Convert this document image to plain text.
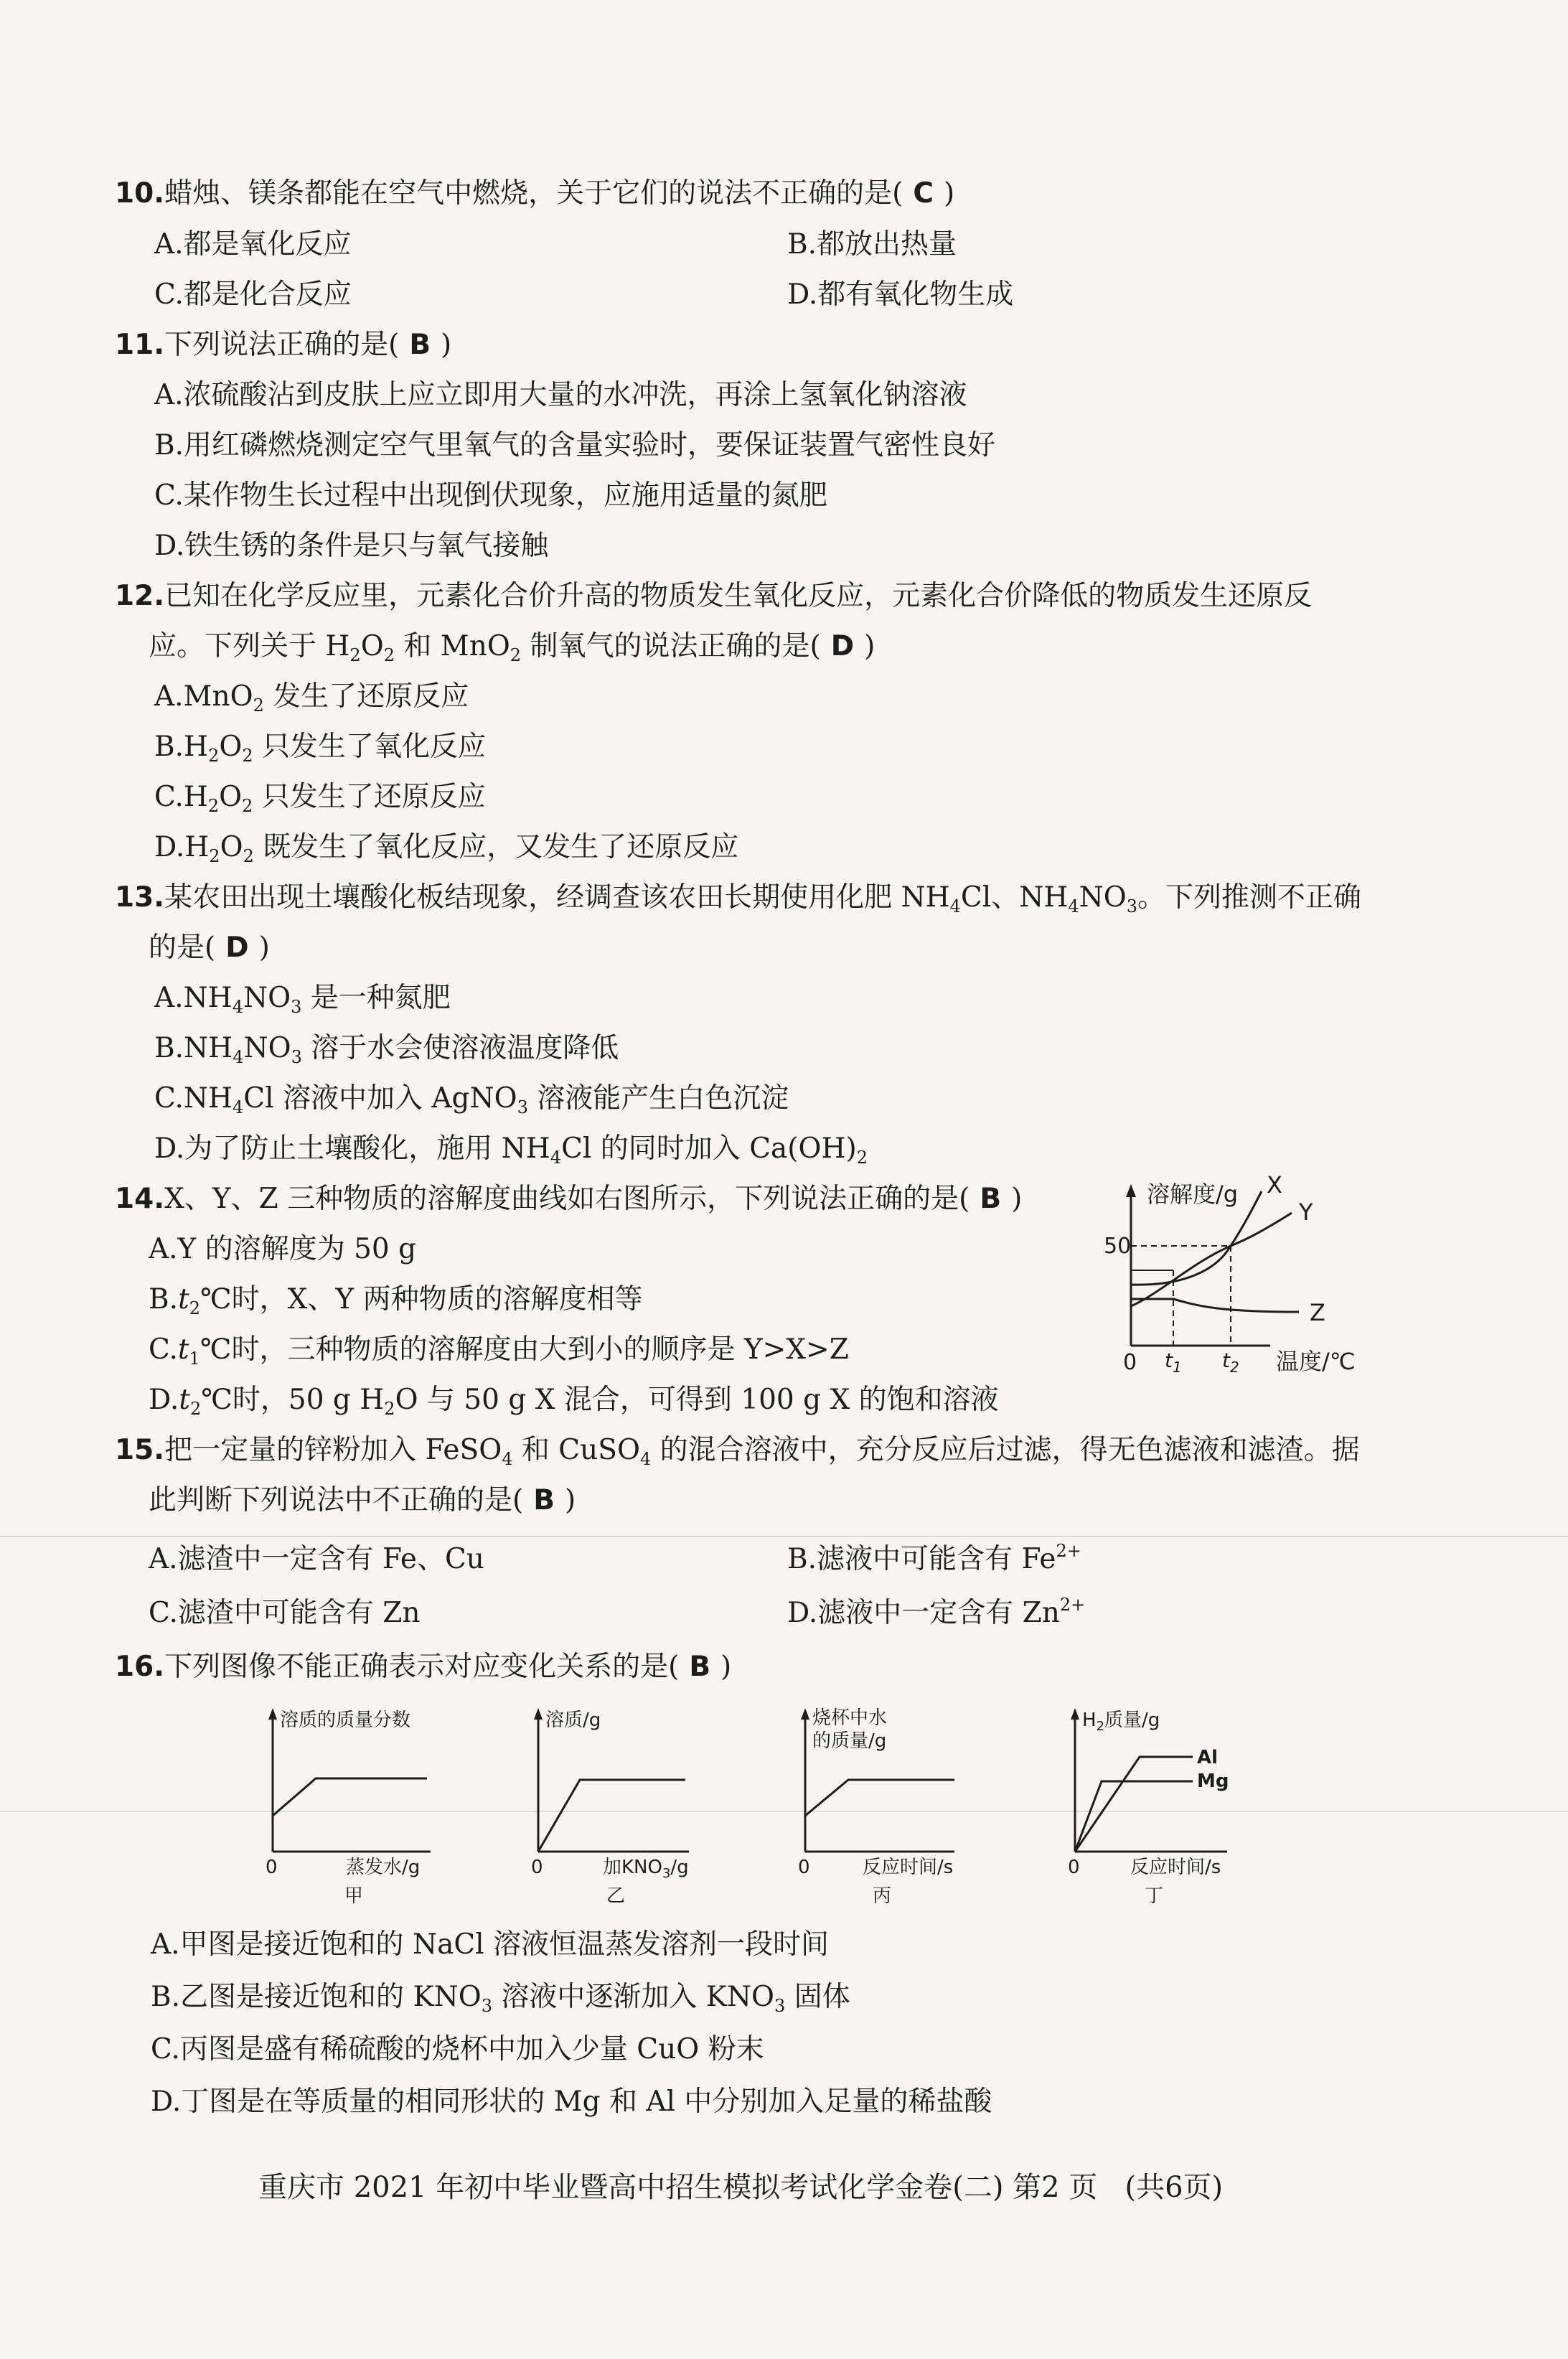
10.蜡烛、镁条都能在空气中燃烧，关于它们的说法不正确的是( C )
A.都是氧化反应	B.都放出热量
C.都是化合反应	D.都有氧化物生成
11.下列说法正确的是( B )
A.浓硫酸沾到皮肤上应立即用大量的水冲洗，再涂上氢氧化钠溶液
B.用红磷燃烧测定空气里氧气的含量实验时，要保证装置气密性良好
C.某作物生长过程中出现倒伏现象，应施用适量的氮肥
D.铁生锈的条件是只与氧气接触
12.已知在化学反应里，元素化合价升高的物质发生氧化反应，元素化合价降低的物质发生还原反
应。下列关于 $H_2O_2$ 和 MnO$_2$ 制氧气的说法正确的是( D )
A.MnO$_2$ 发生了还原反应
$B.H_2O_2$ 只发生了氧化反应
$C.H_2O_2$ 只发生了还原反应
$D.H_2O_2$ 既发生了氧化反应，又发生了还原反应
13.某农田出现土壤酸化板结现象，经调查该农田长期使用化肥 $NH_4Cl$、$NH_4NO_3$。下列推测不正确
的是( D )
$A.NH_4NO_3$ 是一种氮肥
$B.NH_4NO_3$ 溶于水会使溶液温度降低
$C.NH_4Cl$ 溶液中加入 AgNO$_3$ 溶液能产生白色沉淀
D.为了防止土壤酸化，施用 $NH_4Cl$ 的同时加入 $Ca(OH)_2$
14.X、Y、Z 三种物质的溶解度曲线如右图所示，下列说法正确的是( B )
A.Y 的溶解度为 50 g
$B.t_2℃$时，X、Y 两种物质的溶解度相等
$C.t_1℃$时，三种物质的溶解度由大到小的顺序是 Y>X>Z
$D.t_2℃$时，50 g $H_2O$ 与 50 g X 混合，可得到 100 g X 的饱和溶液
溶解度/g
温度/℃
50
0
X
Y
Z
$t_1$ $t_2$
15.把一定量的锌粉加入 FeSO$_4$ 和 CuSO$_4$ 的混合溶液中，充分反应后过滤，得无色滤液和滤渣。据
此判断下列说法中不正确的是( B )
A.滤渣中一定含有 Fe、Cu	B.滤液中可能含有 $Fe^{2+}$
C.滤渣中可能含有 Zn	D.滤液中一定含有 $Zn^{2+}$
16.下列图像不能正确表示对应变化关系的是( B )
溶质的质量分数
0	蒸发水/g
甲
溶质/g
0	加$KNO_3/g$
乙
烧杯中水
的质量/g
0	反应时间/s
丙
$H_2$质量/g
Al
Mg
0	反应时间/s
丁
A.甲图是接近饱和的 NaCl 溶液恒温蒸发溶剂一段时间
B.乙图是接近饱和的 $KNO_3$ 溶液中逐渐加入 $KNO_3$ 固体
C.丙图是盛有稀硫酸的烧杯中加入少量 CuO 粉末
D.丁图是在等质量的相同形状的 Mg 和 Al 中分别加入足量的稀盐酸
重庆市 2021 年初中毕业暨高中招生模拟考试化学金卷(二) 第2 页 (共6页)
